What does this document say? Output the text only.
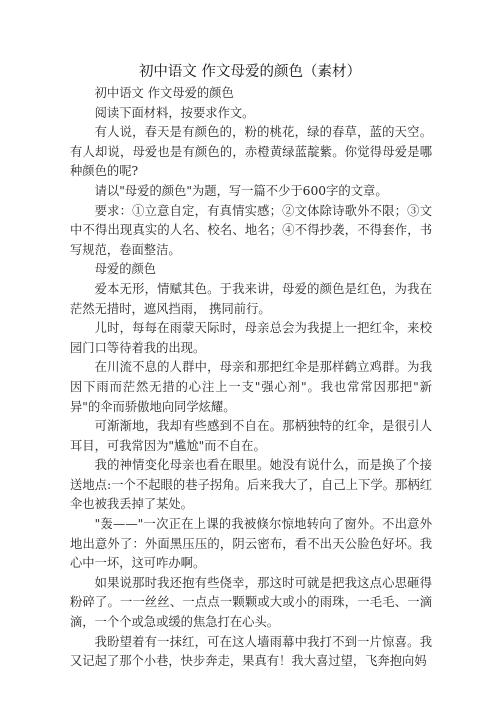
初中语文 作文母爱的颜色（素材）

初中语文 作文母爱的颜色

阅读下面材料，按要求作文。

有人说，春天是有颜色的，粉的桃花，绿的春草，蓝的天空。有人却说，母爱也是有颜色的，赤橙黄绿蓝靛紫。你觉得母爱是哪种颜色的呢?

请以"母爱的颜色"为题，写一篇不少于600字的文章。

要求：①立意自定，有真情实感；②文体除诗歌外不限；③文中不得出现真实的人名、校名、地名；④不得抄袭，不得套作，书写规范，卷面整洁。

母爱的颜色

爱本无形，情赋其色。于我来讲，母爱的颜色是红色，为我在茫然无措时，遮风挡雨， 携同前行。

儿时，每每在雨蒙天际时，母亲总会为我提上一把红伞，来校园门口等待着我的出现。

在川流不息的人群中，母亲和那把红伞是那样鹤立鸡群。为我因下雨而茫然无措的心注上一支"强心剂"。我也常常因那把"新异"的伞而骄傲地向同学炫耀。

可渐渐地，我却有些感到不自在。那柄独特的红伞，是很引人耳目，可我常因为"尴尬"而不自在。

我的神情变化母亲也看在眼里。她没有说什么，而是换了个接送地点:一个不起眼的巷子拐角。后来我大了，自己上下学。那柄红伞也被我丢掉了某处。

"轰——"一次正在上课的我被倏尔惊地转向了窗外。不出意外地出意外了：外面黑压压的，阴云密布，看不出天公脸色好坏。我心中一坏，这可咋办啊。

如果说那时我还抱有些侥幸，那这时可就是把我这点心思砸得粉碎了。一一丝丝、一点点一颗颗或大或小的雨珠，一毛毛、一滴滴，一个个或急或缓的焦急打在心头。

我盼望着有一抹红，可在这人墙雨幕中我打不到一片惊喜。我又记起了那个小巷，快步奔走，果真有！我大喜过望，飞奔抱向妈
